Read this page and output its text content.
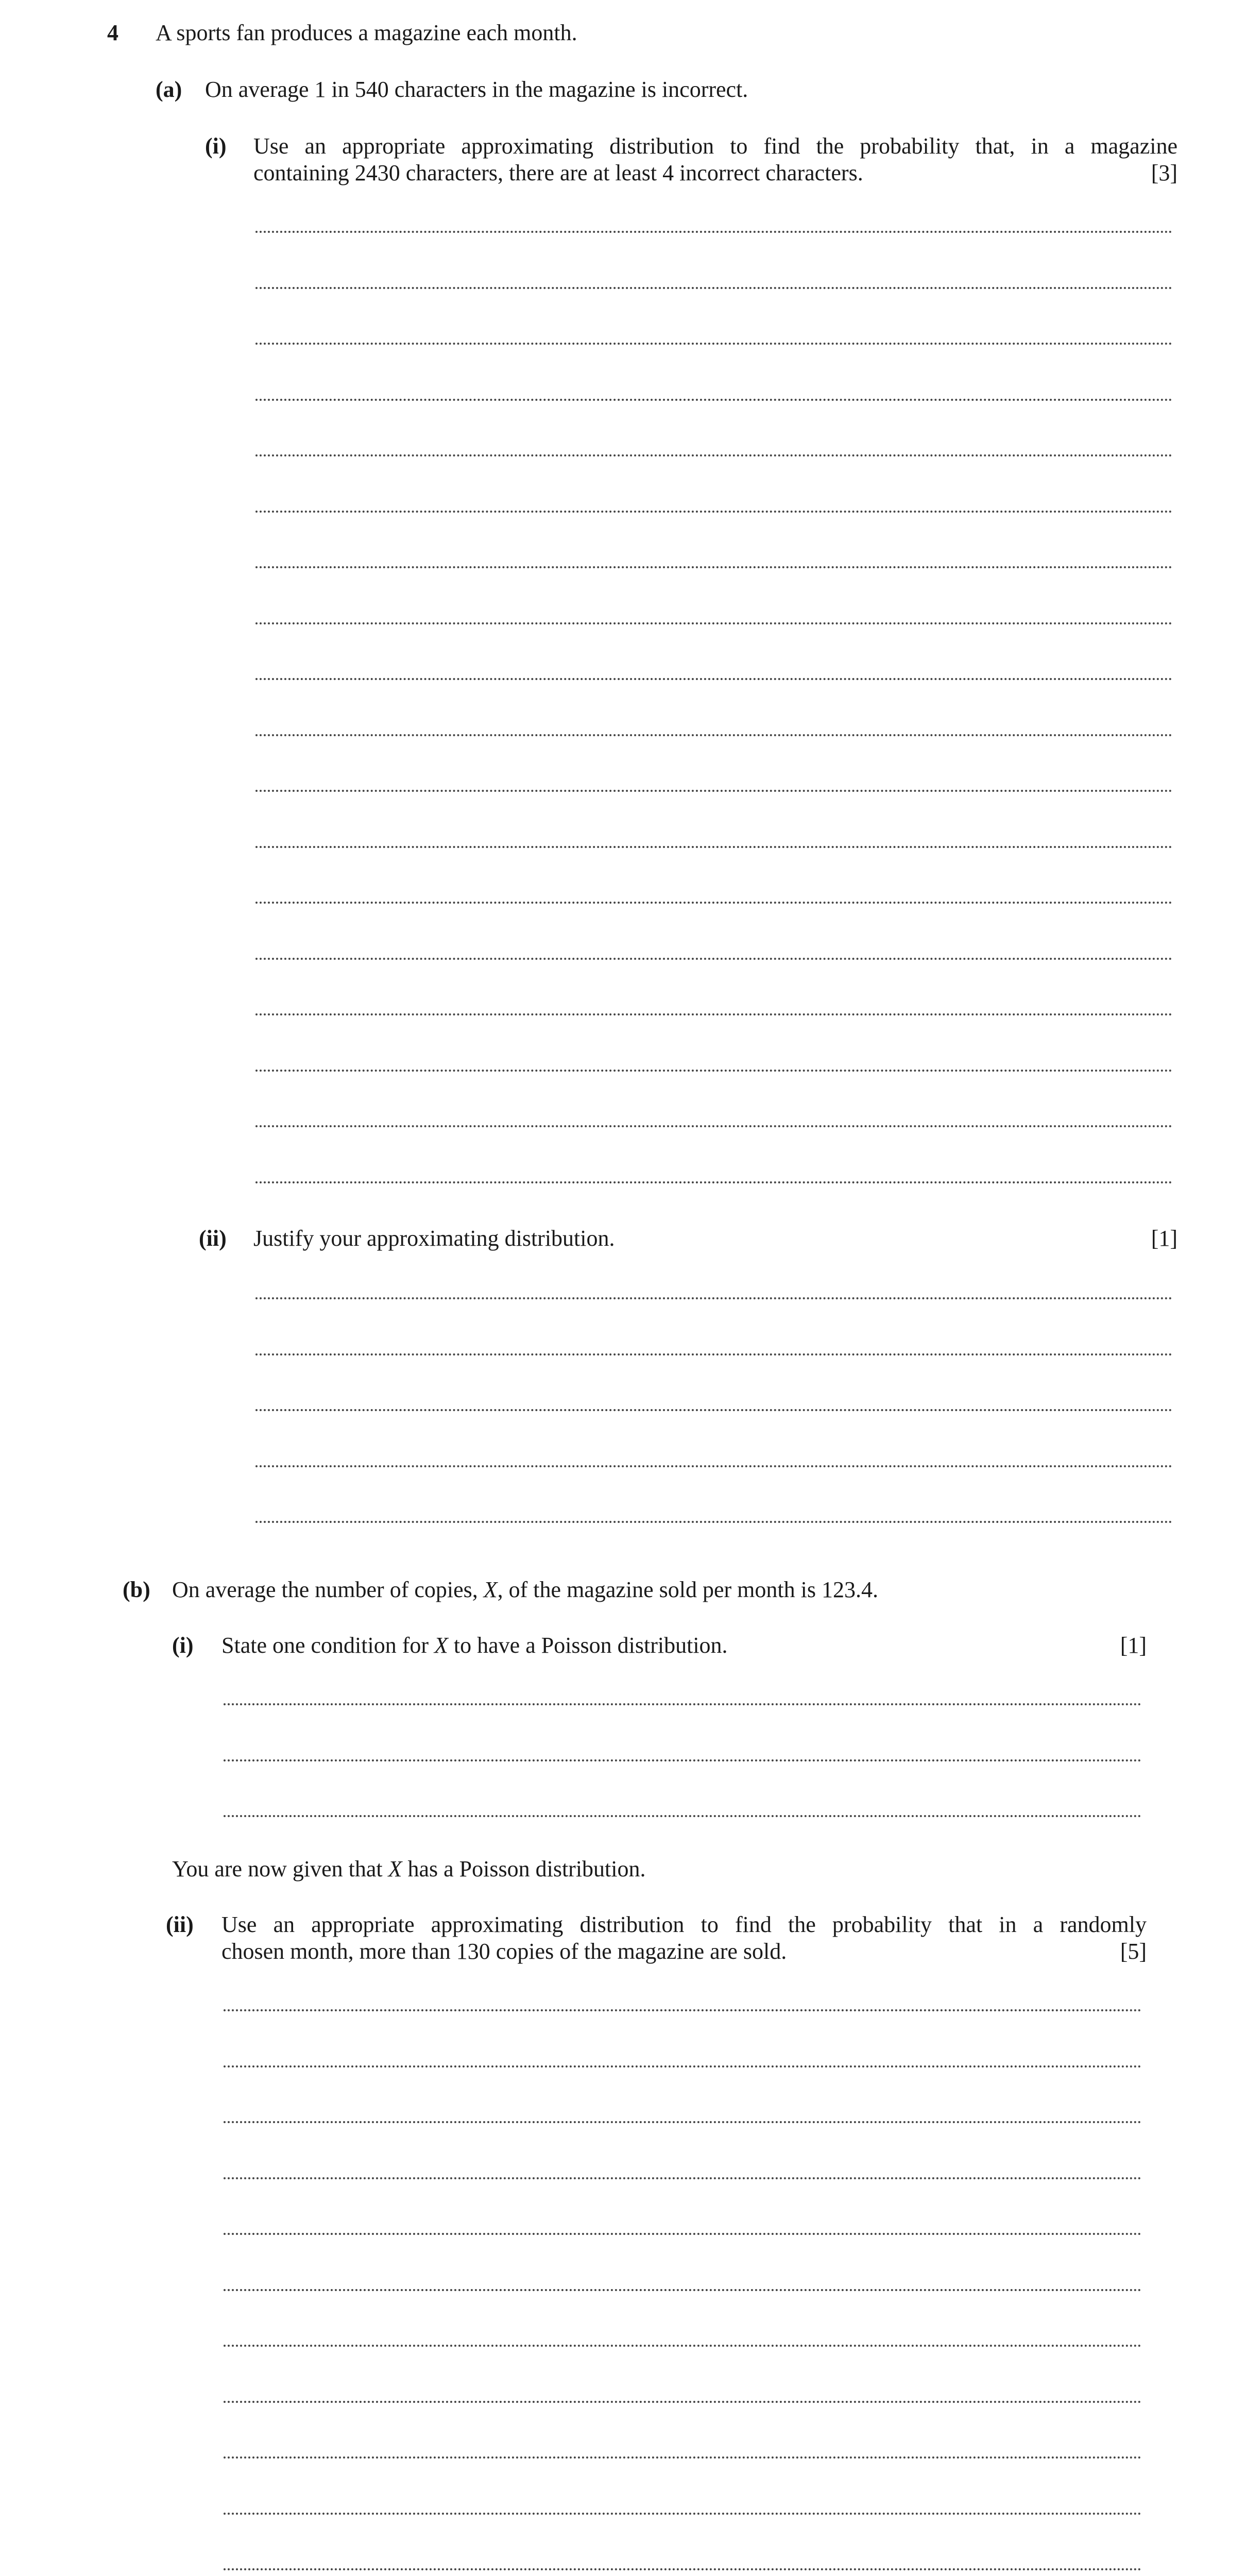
4 A sports fan produces a magazine each month.
(a) On average 1 in 540 characters in the magazine is incorrect.
(i) Use an appropriate approximating distribution to find the probability that, in a magazine
containing 2430 characters, there are at least 4 incorrect characters.	[3]
(ii) Justify your approximating distribution.	[1]
(b) On average the number of copies, X, of the magazine sold per month is 123.4.
(i) State one condition for X to have a Poisson distribution.	[1]
You are now given that X has a Poisson distribution.
(ii) Use an appropriate approximating distribution to find the probability that in a randomly
chosen month, more than 130 copies of the magazine are sold.	[5]
